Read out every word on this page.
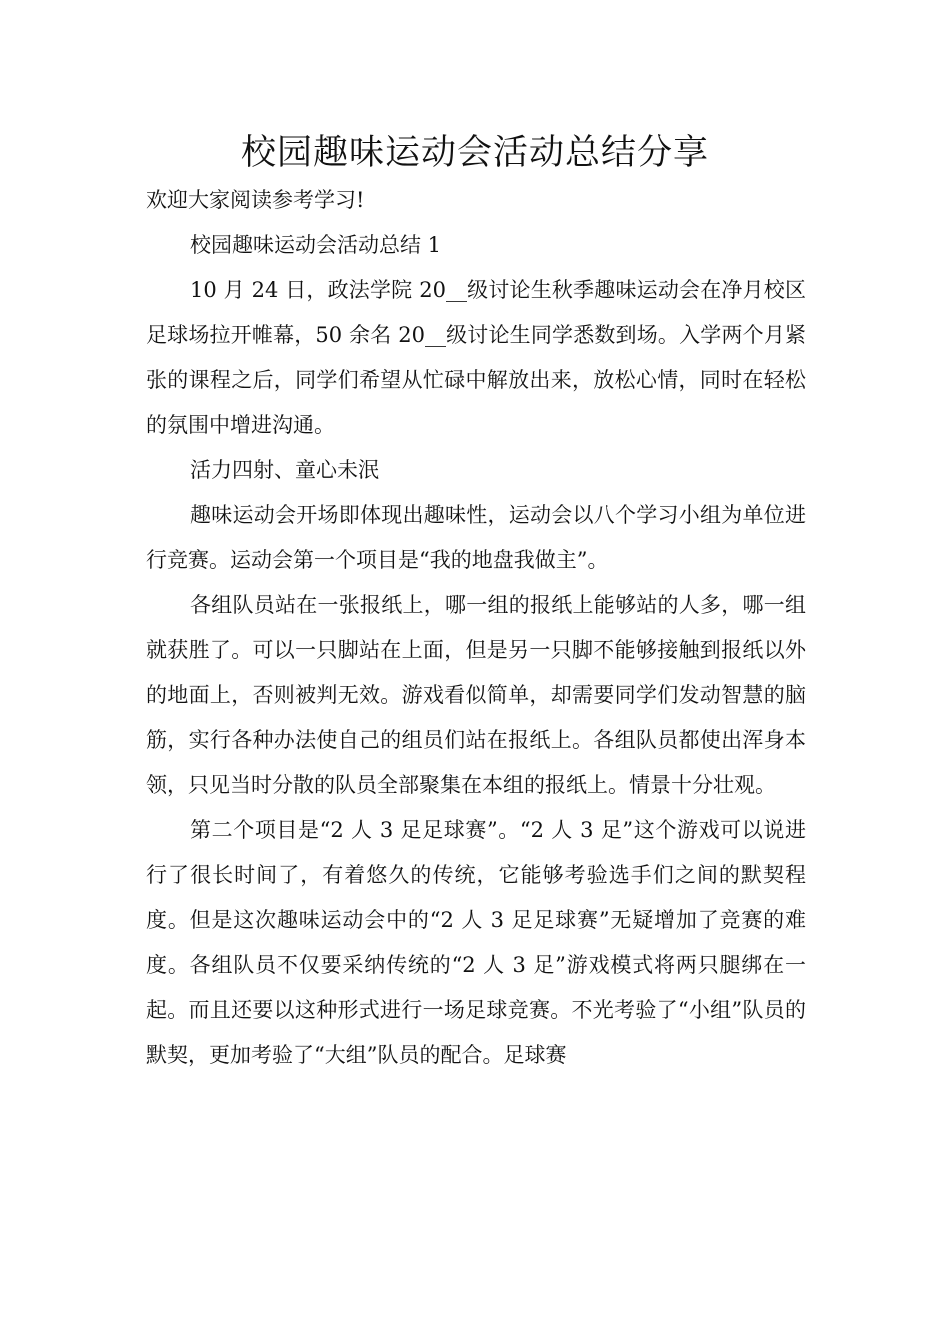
校园趣味运动会活动总结分享

欢迎大家阅读参考学习!

校园趣味运动会活动总结 1

10 月 24 日，政法学院 20__级讨论生秋季趣味运动会在净月校区足球场拉开帷幕，50 余名 20__级讨论生同学悉数到场。入学两个月紧张的课程之后，同学们希望从忙碌中解放出来，放松心情，同时在轻松的氛围中增进沟通。

活力四射、童心未泯

趣味运动会开场即体现出趣味性，运动会以八个学习小组为单位进行竞赛。运动会第一个项目是“我的地盘我做主”。

各组队员站在一张报纸上，哪一组的报纸上能够站的人多，哪一组就获胜了。可以一只脚站在上面，但是另一只脚不能够接触到报纸以外的地面上，否则被判无效。游戏看似简单，却需要同学们发动智慧的脑筋，实行各种办法使自己的组员们站在报纸上。各组队员都使出浑身本领，只见当时分散的队员全部聚集在本组的报纸上。情景十分壮观。

第二个项目是“2 人 3 足足球赛”。“2 人 3 足”这个游戏可以说进行了很长时间了，有着悠久的传统，它能够考验选手们之间的默契程度。但是这次趣味运动会中的“2 人 3 足足球赛”无疑增加了竞赛的难度。各组队员不仅要采纳传统的“2 人 3 足”游戏模式将两只腿绑在一起。而且还要以这种形式进行一场足球竞赛。不光考验了“小组”队员的默契，更加考验了“大组”队员的配合。足球赛
